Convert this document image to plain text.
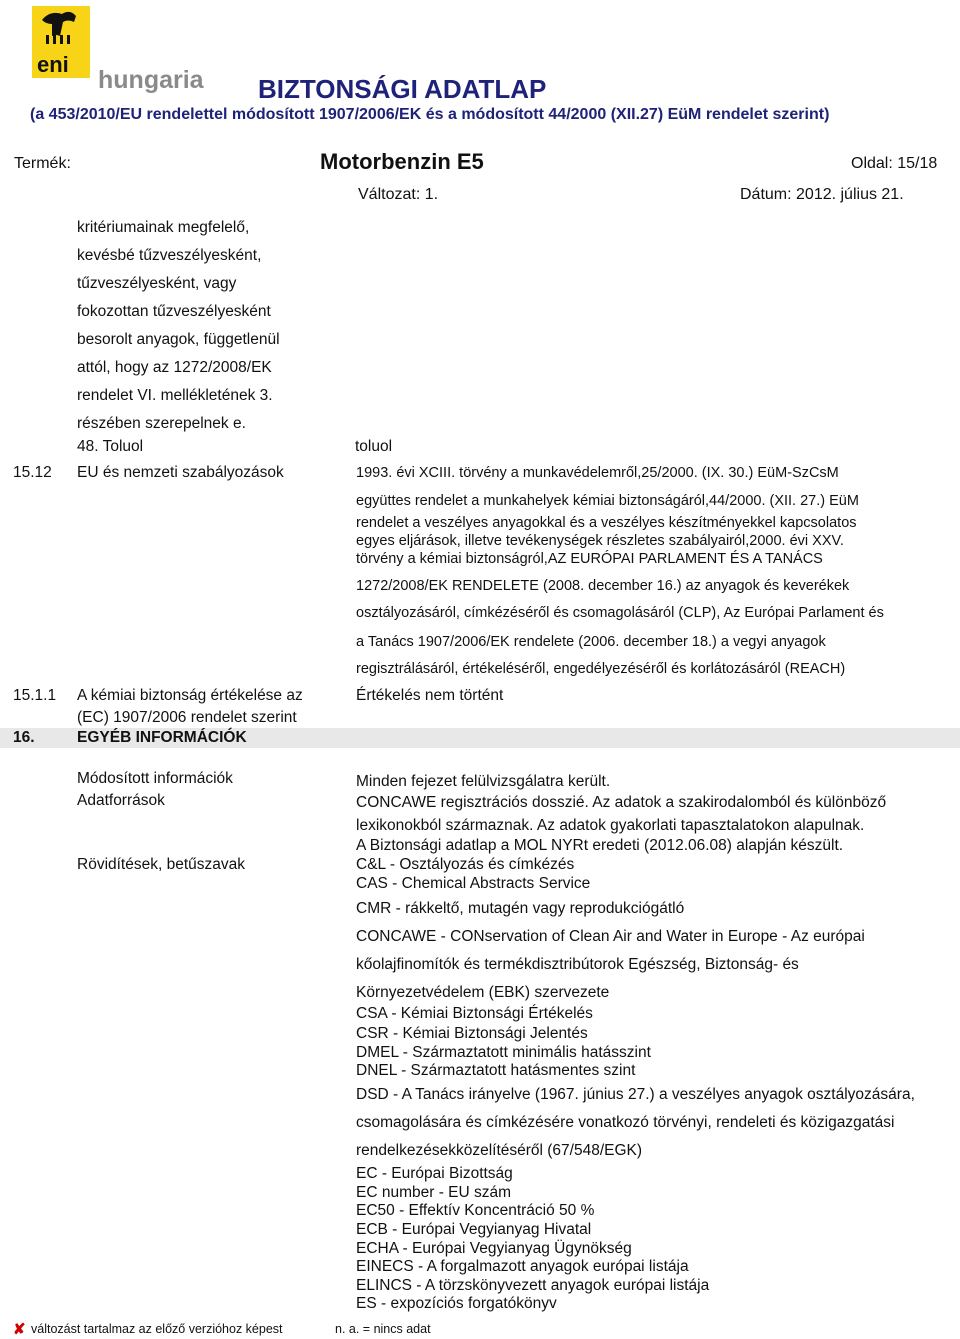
eni
hungaria BIZTONSÁGI ADATLAP
(a 453/2010/EU rendelettel módosított 1907/2006/EK és a módosított 44/2000 (XII.27) EüM rendelet szerint)
Termék:	Motorbenzin E5	Oldal: 15/18
Változat: 1.	Dátum: 2012. július 21.
kritériumainak megfelelő,
kevésbé tűzveszélyesként,
tűzveszélyesként, vagy
fokozottan tűzveszélyesként
besorolt anyagok, függetlenül
attól, hogy az 1272/2008/EK
rendelet VI. mellékletének 3.
részében szerepelnek e.
48. Toluol	toluol
15.12 EU és nemzeti szabályozások	1993. évi XCIII. törvény a munkavédelemről,25/2000. (IX. 30.) EüM-SzCsM
együttes rendelet a munkahelyek kémiai biztonságáról,44/2000. (XII. 27.) EüM
rendelet a veszélyes anyagokkal és a veszélyes készítményekkel kapcsolatos
egyes eljárások, illetve tevékenységek részletes szabályairól,2000. évi XXV.
törvény a kémiai biztonságról,AZ EURÓPAI PARLAMENT ÉS A TANÁCS
1272/2008/EK RENDELETE (2008. december 16.) az anyagok és keverékek
osztályozásáról, címkézéséről és csomagolásáról (CLP), Az Európai Parlament és
a Tanács 1907/2006/EK rendelete (2006. december 18.) a vegyi anyagok
regisztrálásáról, értékeléséről, engedélyezéséről és korlátozásáról (REACH)
15.1.1 A kémiai biztonság értékelése az
(EC) 1907/2006 rendelet szerint
Értékelés nem történt
16.	EGYÉB INFORMÁCIÓK
Módosított információk	Minden fejezet felülvizsgálatra került.
Adatforrások	CONCAWE regisztrációs dosszié. Az adatok a szakirodalomból és különböző
lexikonokból származnak. Az adatok gyakorlati tapasztalatokon alapulnak.
A Biztonsági adatlap a MOL NYRt eredeti (2012.06.08) alapján készült.
Rövidítések, betűszavak	C&L - Osztályozás és címkézés
CAS - Chemical Abstracts Service
CMR - rákkeltő, mutagén vagy reprodukciógátló
CONCAWE - CONservation of Clean Air and Water in Europe - Az európai
kőolajfinomítók és termékdisztribútorok Egészség, Biztonság- és
Környezetvédelem (EBK) szervezete
CSA - Kémiai Biztonsági Értékelés
CSR - Kémiai Biztonsági Jelentés
DMEL - Származtatott minimális hatásszint
DNEL - Származtatott hatásmentes szint
DSD - A Tanács irányelve (1967. június 27.) a veszélyes anyagok osztályozására,
csomagolására és címkézésére vonatkozó törvényi, rendeleti és közigazgatási
rendelkezésekközelítéséről (67/548/EGK)
EC - Európai Bizottság
EC number - EU szám
EC50 - Effektív Koncentráció 50 %
ECB - Európai Vegyianyag Hivatal
ECHA - Európai Vegyianyag Ügynökség
EINECS - A forgalmazott anyagok európai listája
ELINCS - A törzskönyvezett anyagok európai listája
ES - expozíciós forgatókönyv
✘ változást tartalmaz az előző verzióhoz képest	n. a. = nincs adat
